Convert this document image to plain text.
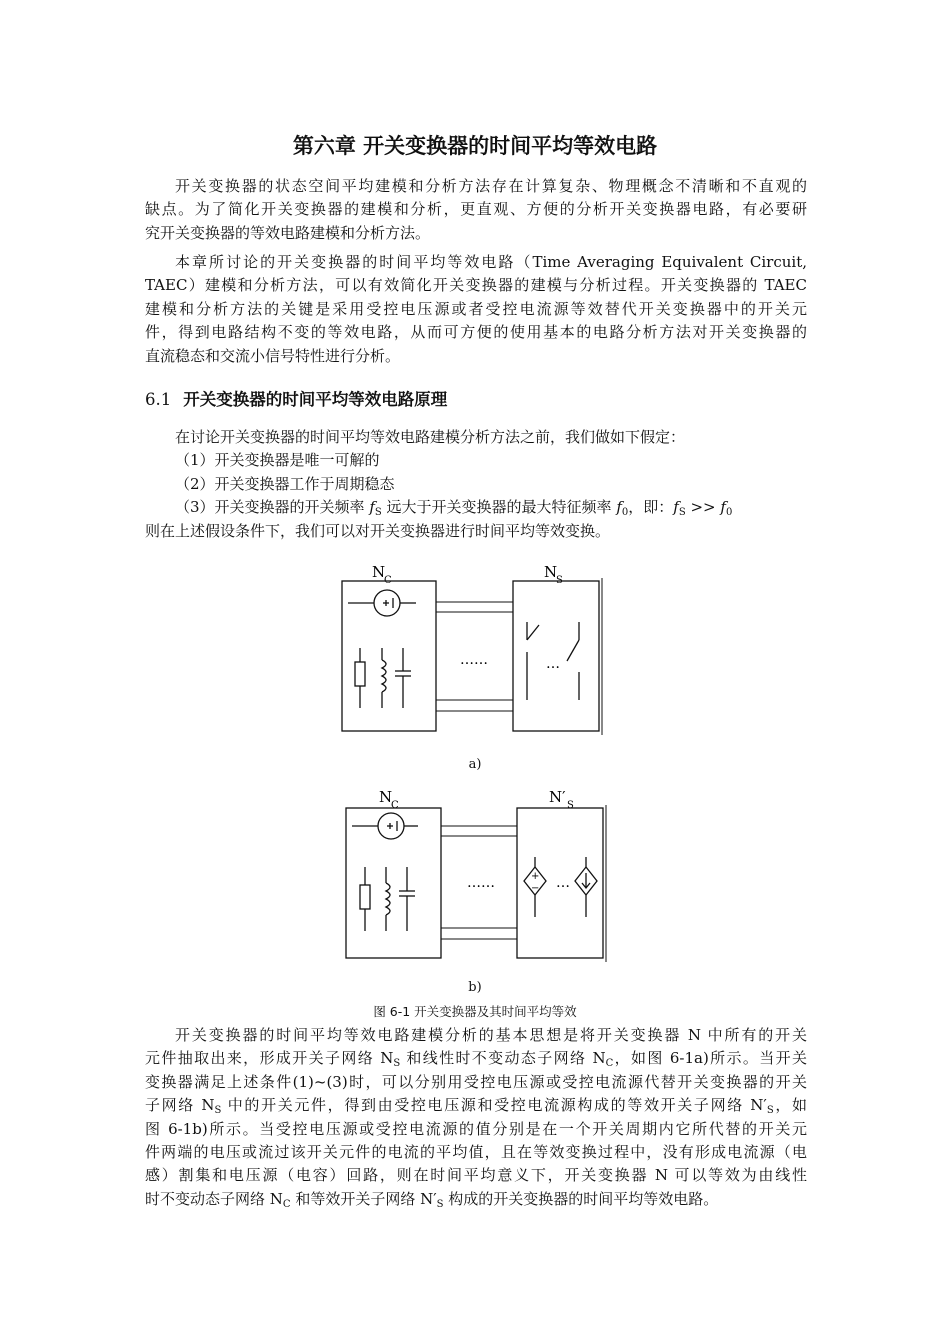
第六章 开关变换器的时间平均等效电路
开关变换器的状态空间平均建模和分析方法存在计算复杂、物理概念不清晰和不直观的
缺点。为了简化开关变换器的建模和分析，更直观、方便的分析开关变换器电路，有必要研
究开关变换器的等效电路建模和分析方法。
本章所讨论的开关变换器的时间平均等效电路（Time Averaging Equivalent Circuit,
TAEC）建模和分析方法，可以有效简化开关变换器的建模与分析过程。开关变换器的 TAEC
建模和分析方法的关键是采用受控电压源或者受控电流源等效替代开关变换器中的开关元
件，得到电路结构不变的等效电路，从而可方便的使用基本的电路分析方法对开关变换器的
直流稳态和交流小信号特性进行分析。
6.1 开关变换器的时间平均等效电路原理
在讨论开关变换器的时间平均等效电路建模分析方法之前，我们做如下假定：
（1）开关变换器是唯一可解的
（2）开关变换器工作于周期稳态
（3）开关变换器的开关频率 $f_S$ 远大于开关变换器的最大特征频率 $f_0$，即：$f_S >> f_0$
则在上述假设条件下，我们可以对开关变换器进行时间平均等效变换。
N
C	N
S
……	…
a)
N
C	N′ S
……	+
− …
b)
图 6-1 开关变换器及其时间平均等效
开关变换器的时间平均等效电路建模分析的基本思想是将开关变换器 N 中所有的开关
元件抽取出来，形成开关子网络 $N_S$ 和线性时不变动态子网络 $N_C$，如图 6-1a)所示。当开关
变换器满足上述条件(1)~(3)时，可以分别用受控电压源或受控电流源代替开关变换器的开关
子网络 $N_S$ 中的开关元件，得到由受控电压源和受控电流源构成的等效开关子网络 $N'_S$，如
图 6-1b)所示。当受控电压源或受控电流源的值分别是在一个开关周期内它所代替的开关元
件两端的电压或流过该开关元件的电流的平均值，且在等效变换过程中，没有形成电流源（电
感）割集和电压源（电容）回路，则在时间平均意义下，开关变换器 N 可以等效为由线性
时不变动态子网络 $N_C$ 和等效开关子网络 $N'_S$ 构成的开关变换器的时间平均等效电路。
